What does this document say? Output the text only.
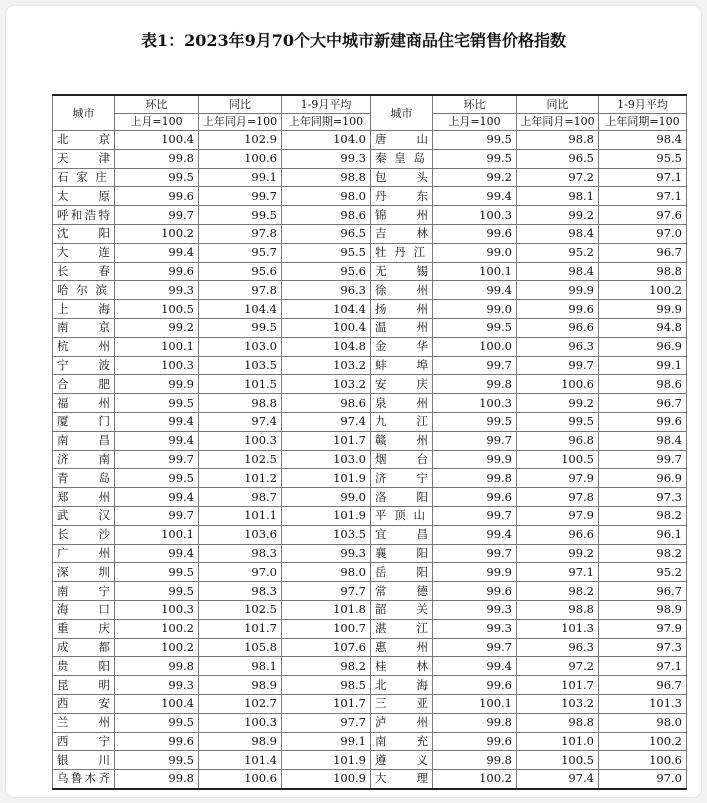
表1：2023年9月70个大中城市新建商品住宅销售价格指数
城市	环比	同比	1-9月平均	城市	环比	同比	1-9月平均
	上月=100	上年同月=100	上年同期=100		上月=100	上年同月=100	上年同期=100
北 京	100.4	102.9	104.0	唐 山	99.5	98.8	98.4
天 津	99.8	100.6	99.3	秦皇岛	99.5	96.5	95.5
石家庄	99.5	99.1	98.8	包 头	99.2	97.2	97.1
太 原	99.6	99.7	98.0	丹 东	99.4	98.1	97.1
呼和浩特	99.7	99.5	98.6	锦 州	100.3	99.2	97.6
沈 阳	100.2	97.8	96.5	吉 林	99.6	98.4	97.0
大 连	99.4	95.7	95.5	牡丹江	99.0	95.2	96.7
长 春	99.6	95.6	95.6	无 锡	100.1	98.4	98.8
哈尔滨	99.3	97.8	96.3	徐 州	99.4	99.9	100.2
上 海	100.5	104.4	104.4	扬 州	99.0	99.6	99.9
南 京	99.2	99.5	100.4	温 州	99.5	96.6	94.8
杭 州	100.1	103.0	104.8	金 华	100.0	96.3	96.9
宁 波	100.3	103.5	103.2	蚌 埠	99.7	99.7	99.1
合 肥	99.9	101.5	103.2	安 庆	99.8	100.6	98.6
福 州	99.5	98.8	98.6	泉 州	100.3	99.2	96.7
厦 门	99.4	97.4	97.4	九 江	99.5	99.5	99.6
南 昌	99.4	100.3	101.7	赣 州	99.7	96.8	98.4
济 南	99.7	102.5	103.0	烟 台	99.9	100.5	99.7
青 岛	99.5	101.2	101.9	济 宁	99.8	97.9	96.9
郑 州	99.4	98.7	99.0	洛 阳	99.6	97.8	97.3
武 汉	99.7	101.1	101.9	平顶山	99.7	97.9	98.2
长 沙	100.1	103.6	103.5	宜 昌	99.4	96.6	96.1
广 州	99.4	98.3	99.3	襄 阳	99.7	99.2	98.2
深 圳	99.5	97.0	98.0	岳 阳	99.9	97.1	95.2
南 宁	99.5	98.3	97.7	常 德	99.6	98.2	96.7
海 口	100.3	102.5	101.8	韶 关	99.3	98.8	98.9
重 庆	100.2	101.7	100.7	湛 江	99.3	101.3	97.9
成 都	100.2	105.8	107.6	惠 州	99.7	96.3	97.3
贵 阳	99.8	98.1	98.2	桂 林	99.4	97.2	97.1
昆 明	99.3	98.9	98.5	北 海	99.6	101.7	96.7
西 安	100.4	102.7	101.7	三 亚	100.1	103.2	101.3
兰 州	99.5	100.3	97.7	泸 州	99.8	98.8	98.0
西 宁	99.6	98.9	99.1	南 充	99.6	101.0	100.2
银 川	99.5	101.4	101.9	遵 义	99.8	100.5	100.6
乌鲁木齐	99.8	100.6	100.9	大 理	100.2	97.4	97.0
